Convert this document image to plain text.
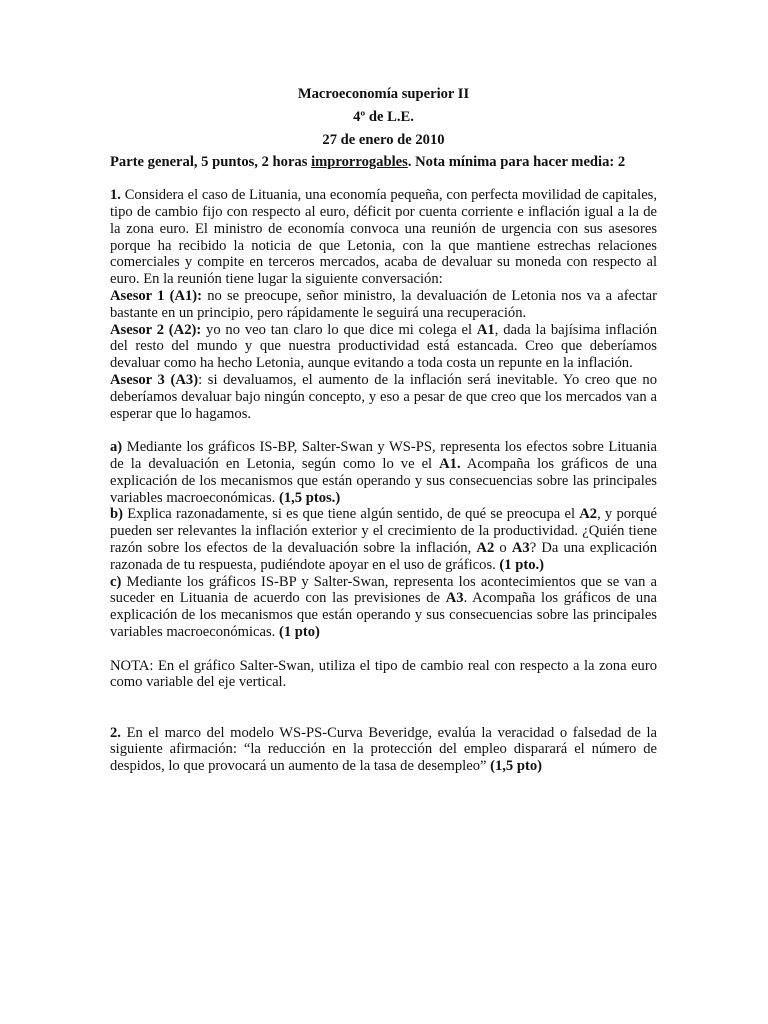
Macroeconomía superior II
4º de L.E.
27 de enero de 2010
Parte general, 5 puntos, 2 horas improrrogables. Nota mínima para hacer media: 2

1. Considera el caso de Lituania, una economía pequeña, con perfecta movilidad de capitales, tipo de cambio fijo con respecto al euro, déficit por cuenta corriente e inflación igual a la de la zona euro. El ministro de economía convoca una reunión de urgencia con sus asesores porque ha recibido la noticia de que Letonia, con la que mantiene estrechas relaciones comerciales y compite en terceros mercados, acaba de devaluar su moneda con respecto al euro. En la reunión tiene lugar la siguiente conversación:

Asesor 1 (A1): no se preocupe, señor ministro, la devaluación de Letonia nos va a afectar bastante en un principio, pero rápidamente le seguirá una recuperación.

Asesor 2 (A2): yo no veo tan claro lo que dice mi colega el A1, dada la bajísima inflación del resto del mundo y que nuestra productividad está estancada. Creo que deberíamos devaluar como ha hecho Letonia, aunque evitando a toda costa un repunte en la inflación.

Asesor 3 (A3): si devaluamos, el aumento de la inflación será inevitable. Yo creo que no deberíamos devaluar bajo ningún concepto, y eso a pesar de que creo que los mercados van a esperar que lo hagamos.

a) Mediante los gráficos IS-BP, Salter-Swan y WS-PS, representa los efectos sobre Lituania de la devaluación en Letonia, según como lo ve el A1. Acompaña los gráficos de una explicación de los mecanismos que están operando y sus consecuencias sobre las principales variables macroeconómicas. (1,5 ptos.)

b) Explica razonadamente, si es que tiene algún sentido, de qué se preocupa el A2, y porqué pueden ser relevantes la inflación exterior y el crecimiento de la productividad. ¿Quién tiene razón sobre los efectos de la devaluación sobre la inflación, A2 o A3? Da una explicación razonada de tu respuesta, pudiéndote apoyar en el uso de gráficos. (1 pto.)

c) Mediante los gráficos IS-BP y Salter-Swan, representa los acontecimientos que se van a suceder en Lituania de acuerdo con las previsiones de A3. Acompaña los gráficos de una explicación de los mecanismos que están operando y sus consecuencias sobre las principales variables macroeconómicas. (1 pto)

NOTA: En el gráfico Salter-Swan, utiliza el tipo de cambio real con respecto a la zona euro como variable del eje vertical.

2. En el marco del modelo WS-PS-Curva Beveridge, evalúa la veracidad o falsedad de la siguiente afirmación: “la reducción en la protección del empleo disparará el número de despidos, lo que provocará un aumento de la tasa de desempleo” (1,5 pto)
